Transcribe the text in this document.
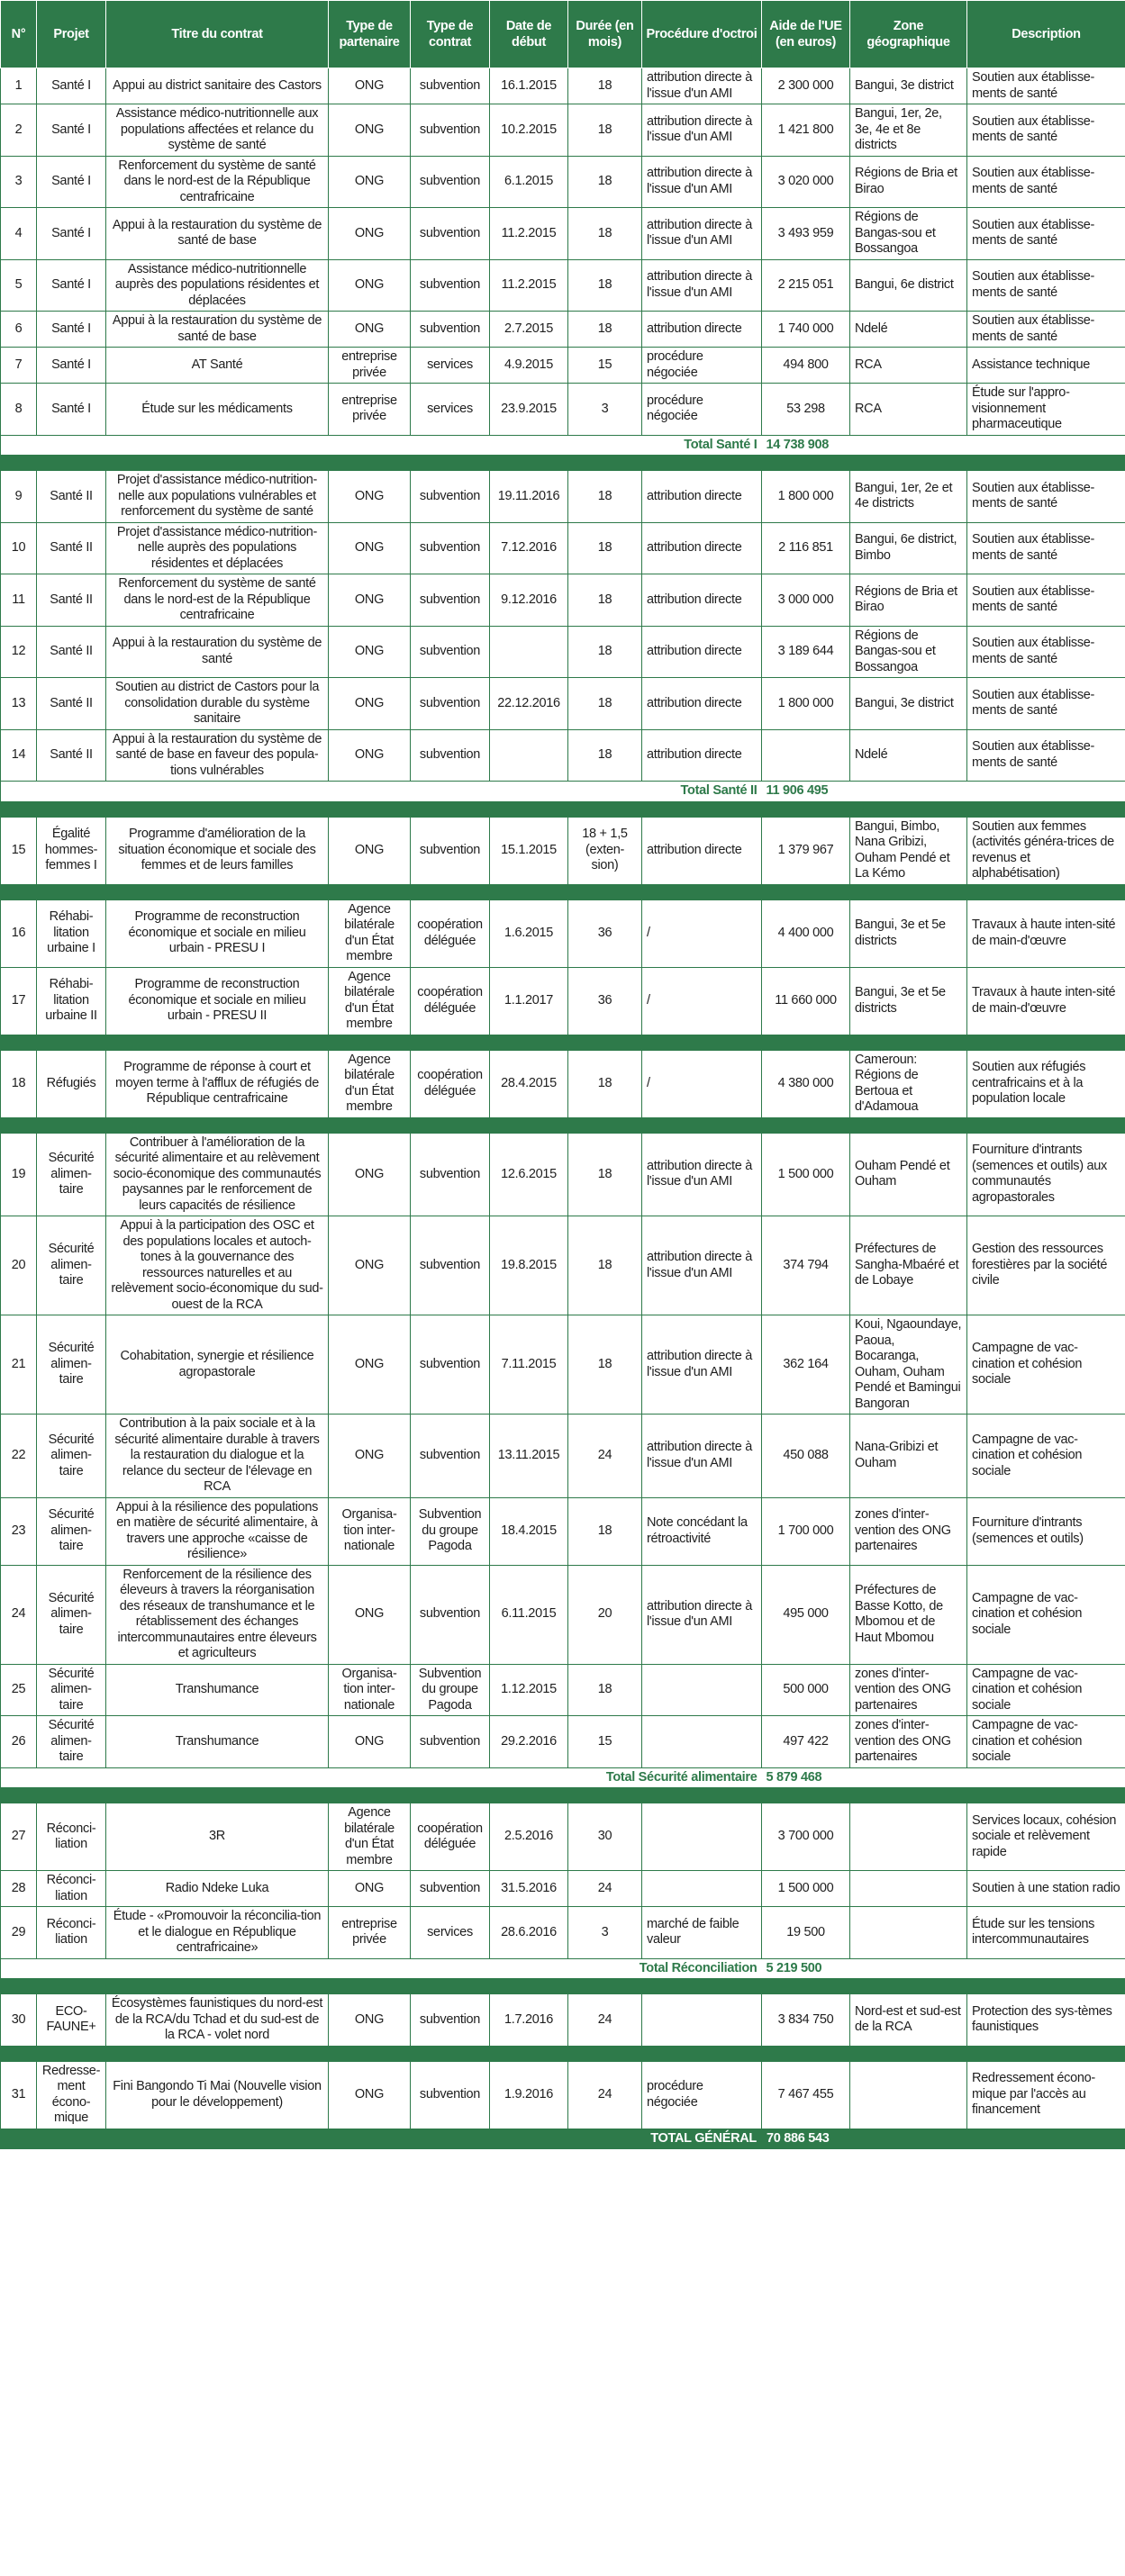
N°	Projet	Titre du contrat	Type de partenaire	Type de contrat	Date de début	Durée (en mois)	Procédure d'octroi	Aide de l'UE (en euros)	Zone géographique	Description
1	Santé I	Appui au district sanitaire des Castors	ONG	subvention	16.1.2015	18	attribution directe à l'issue d'un AMI	2 300 000	Bangui, 3e district	Soutien aux établisse-ments de santé
2	Santé I	Assistance médico-nutritionnelle aux populations affectées et relance du système de santé	ONG	subvention	10.2.2015	18	attribution directe à l'issue d'un AMI	1 421 800	Bangui, 1er, 2e, 3e, 4e et 8e districts	Soutien aux établisse-ments de santé
3	Santé I	Renforcement du système de santé dans le nord-est de la République centrafricaine	ONG	subvention	6.1.2015	18	attribution directe à l'issue d'un AMI	3 020 000	Régions de Bria et Birao	Soutien aux établisse-ments de santé
4	Santé I	Appui à la restauration du système de santé de base	ONG	subvention	11.2.2015	18	attribution directe à l'issue d'un AMI	3 493 959	Régions de Bangas-sou et Bossangoa	Soutien aux établisse-ments de santé
5	Santé I	Assistance médico-nutritionnelle auprès des populations résidentes et déplacées	ONG	subvention	11.2.2015	18	attribution directe à l'issue d'un AMI	2 215 051	Bangui, 6e district	Soutien aux établisse-ments de santé
6	Santé I	Appui à la restauration du système de santé de base	ONG	subvention	2.7.2015	18	attribution directe	1 740 000	Ndelé	Soutien aux établisse-ments de santé
7	Santé I	AT Santé	entreprise privée	services	4.9.2015	15	procédure négociée	494 800	RCA	Assistance technique
8	Santé I	Étude sur les médicaments	entreprise privée	services	23.9.2015	3	procédure négociée	53 298	RCA	Étude sur l'appro-visionnement pharmaceutique
Total Santé I								14 738 908		

9	Santé II	Projet d'assistance médico-nutrition-nelle aux populations vulnérables et renforcement du système de santé	ONG	subvention	19.11.2016	18	attribution directe	1 800 000	Bangui, 1er, 2e et 4e districts	Soutien aux établisse-ments de santé
10	Santé II	Projet d'assistance médico-nutrition-nelle auprès des populations résidentes et déplacées	ONG	subvention	7.12.2016	18	attribution directe	2 116 851	Bangui, 6e district, Bimbo	Soutien aux établisse-ments de santé
11	Santé II	Renforcement du système de santé dans le nord-est de la République centrafricaine	ONG	subvention	9.12.2016	18	attribution directe	3 000 000	Régions de Bria et Birao	Soutien aux établisse-ments de santé
12	Santé II	Appui à la restauration du système de santé	ONG	subvention		18	attribution directe	3 189 644	Régions de Bangas-sou et Bossangoa	Soutien aux établisse-ments de santé
13	Santé II	Soutien au district de Castors pour la consolidation durable du système sanitaire	ONG	subvention	22.12.2016	18	attribution directe	1 800 000	Bangui, 3e district	Soutien aux établisse-ments de santé
14	Santé II	Appui à la restauration du système de santé de base en faveur des popula-tions vulnérables	ONG	subvention		18	attribution directe		Ndelé	Soutien aux établisse-ments de santé
Total Santé II								11 906 495		

15	Égalité hommes-femmes I	Programme d'amélioration de la situation économique et sociale des femmes et de leurs familles	ONG	subvention	15.1.2015	18 + 1,5 (exten-sion)	attribution directe	1 379 967	Bangui, Bimbo, Nana Gribizi, Ouham Pendé et La Kémo	Soutien aux femmes (activités généra-trices de revenus et alphabétisation)

16	Réhabi-litation urbaine I	Programme de reconstruction économique et sociale en milieu urbain - PRESU I	Agence bilatérale d'un État membre	coopération déléguée	1.6.2015	36	/	4 400 000	Bangui, 3e et 5e districts	Travaux à haute inten-sité de main-d'œuvre
17	Réhabi-litation urbaine II	Programme de reconstruction économique et sociale en milieu urbain - PRESU II	Agence bilatérale d'un État membre	coopération déléguée	1.1.2017	36	/	11 660 000	Bangui, 3e et 5e districts	Travaux à haute inten-sité de main-d'œuvre

18	Réfugiés	Programme de réponse à court et moyen terme à l'afflux de réfugiés de République centrafricaine	Agence bilatérale d'un État membre	coopération déléguée	28.4.2015	18	/	4 380 000	Cameroun: Régions de Bertoua et d'Adamoua	Soutien aux réfugiés centrafricains et à la population locale

19	Sécurité alimen-taire	Contribuer à l'amélioration de la sécurité alimentaire et au relèvement socio-économique des communautés paysannes par le renforcement de leurs capacités de résilience	ONG	subvention	12.6.2015	18	attribution directe à l'issue d'un AMI	1 500 000	Ouham Pendé et Ouham	Fourniture d'intrants (semences et outils) aux communautés agropastorales
20	Sécurité alimen-taire	Appui à la participation des OSC et des populations locales et autoch-tones à la gouvernance des ressources naturelles et au relèvement socio-économique du sud-ouest de la RCA	ONG	subvention	19.8.2015	18	attribution directe à l'issue d'un AMI	374 794	Préfectures de Sangha-Mbaéré et de Lobaye	Gestion des ressources forestières par la société civile
21	Sécurité alimen-taire	Cohabitation, synergie et résilience agropastorale	ONG	subvention	7.11.2015	18	attribution directe à l'issue d'un AMI	362 164	Koui, Ngaoundaye, Paoua, Bocaranga, Ouham, Ouham Pendé et Bamingui Bangoran	Campagne de vac-cination et cohésion sociale
22	Sécurité alimen-taire	Contribution à la paix sociale et à la sécurité alimentaire durable à travers la restauration du dialogue et la relance du secteur de l'élevage en RCA	ONG	subvention	13.11.2015	24	attribution directe à l'issue d'un AMI	450 088	Nana-Gribizi et Ouham	Campagne de vac-cination et cohésion sociale
23	Sécurité alimen-taire	Appui à la résilience des populations en matière de sécurité alimentaire, à travers une approche «caisse de résilience»	Organisa-tion inter-nationale	Subvention du groupe Pagoda	18.4.2015	18	Note concédant la rétroactivité	1 700 000	zones d'inter-vention des ONG partenaires	Fourniture d'intrants (semences et outils)
24	Sécurité alimen-taire	Renforcement de la résilience des éleveurs à travers la réorganisation des réseaux de transhumance et le rétablissement des échanges intercommunautaires entre éleveurs et agriculteurs	ONG	subvention	6.11.2015	20	attribution directe à l'issue d'un AMI	495 000	Préfectures de Basse Kotto, de Mbomou et de Haut Mbomou	Campagne de vac-cination et cohésion sociale
25	Sécurité alimen-taire	Transhumance	Organisa-tion inter-nationale	Subvention du groupe Pagoda	1.12.2015	18		500 000	zones d'inter-vention des ONG partenaires	Campagne de vac-cination et cohésion sociale
26	Sécurité alimen-taire	Transhumance	ONG	subvention	29.2.2016	15		497 422	zones d'inter-vention des ONG partenaires	Campagne de vac-cination et cohésion sociale
Total Sécurité alimentaire								5 879 468		

27	Réconci-liation	3R	Agence bilatérale d'un État membre	coopération déléguée	2.5.2016	30		3 700 000		Services locaux, cohésion sociale et relèvement rapide
28	Réconci-liation	Radio Ndeke Luka	ONG	subvention	31.5.2016	24		1 500 000		Soutien à une station radio
29	Réconci-liation	Étude - «Promouvoir la réconcilia-tion et le dialogue en République centrafricaine»	entreprise privée	services	28.6.2016	3	marché de faible valeur	19 500		Étude sur les tensions intercommunautaires
Total Réconciliation								5 219 500		

30	ECO-FAUNE+	Écosystèmes faunistiques du nord-est de la RCA/du Tchad et du sud-est de la RCA - volet nord	ONG	subvention	1.7.2016	24		3 834 750	Nord-est et sud-est de la RCA	Protection des sys-tèmes faunistiques

31	Redresse-ment écono-mique	Fini Bangondo Ti Mai (Nouvelle vision pour le développement)	ONG	subvention	1.9.2016	24	procédure négociée	7 467 455		Redressement écono-mique par l'accès au financement
TOTAL GÉNÉRAL								70 886 543		
